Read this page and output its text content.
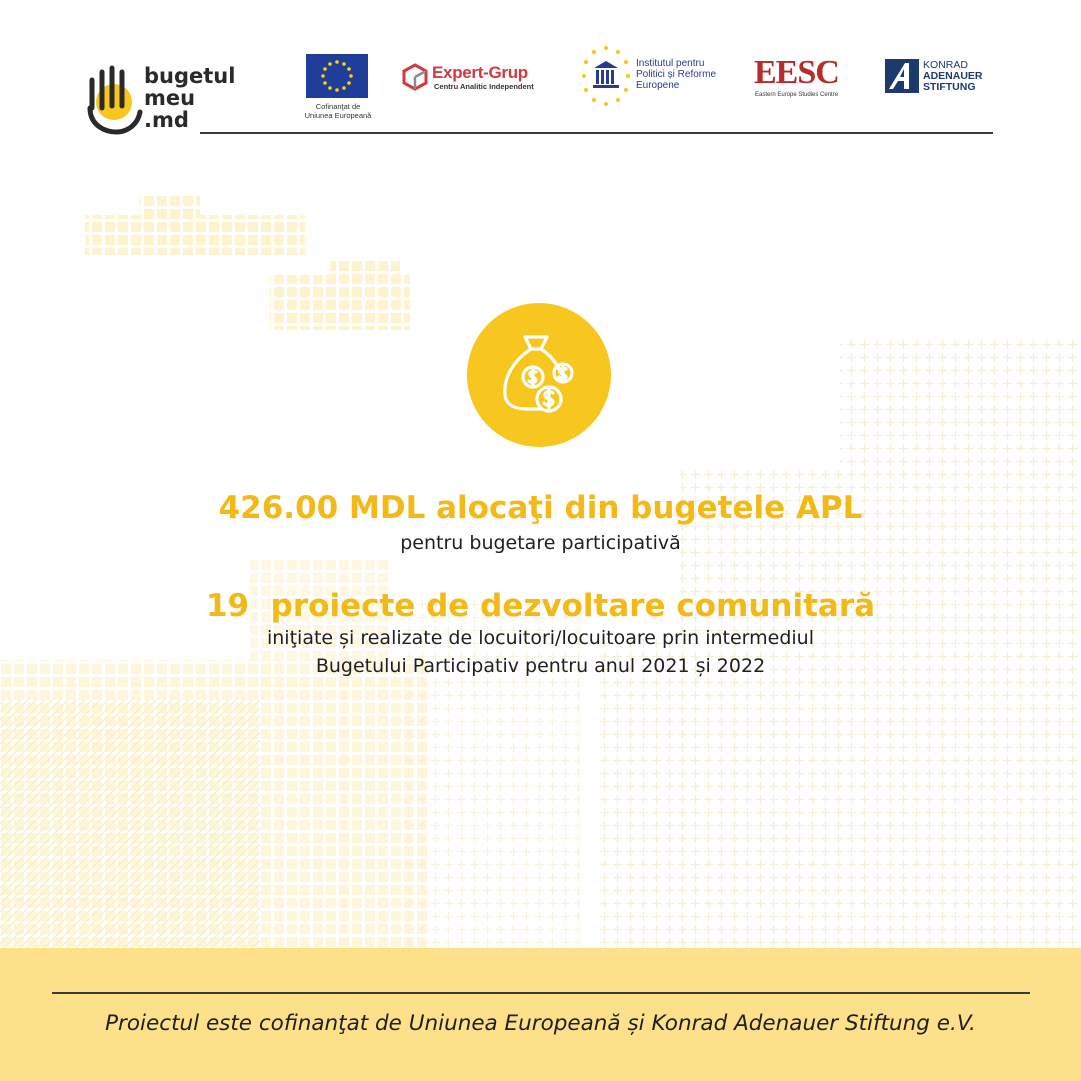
bugetul
meu
.md
Cofinanţat de
Uniunea Europeană
Expert-Grup
Centru Analitic Independent
Institutul pentru
Politici și Reforme
Europene	EESC
Eastern Europe Studies Centre
KONRAD
ADENAUER
STIFTUNG
426.00 MDL alocaţi din bugetele APL
pentru bugetare participativă
19  proiecte de dezvoltare comunitară
iniţiate și realizate de locuitori/locuitoare prin intermediul
Bugetului Participativ pentru anul 2021 și 2022
Proiectul este cofinanţat de Uniunea Europeană și Konrad Adenauer Stiftung e.V.
